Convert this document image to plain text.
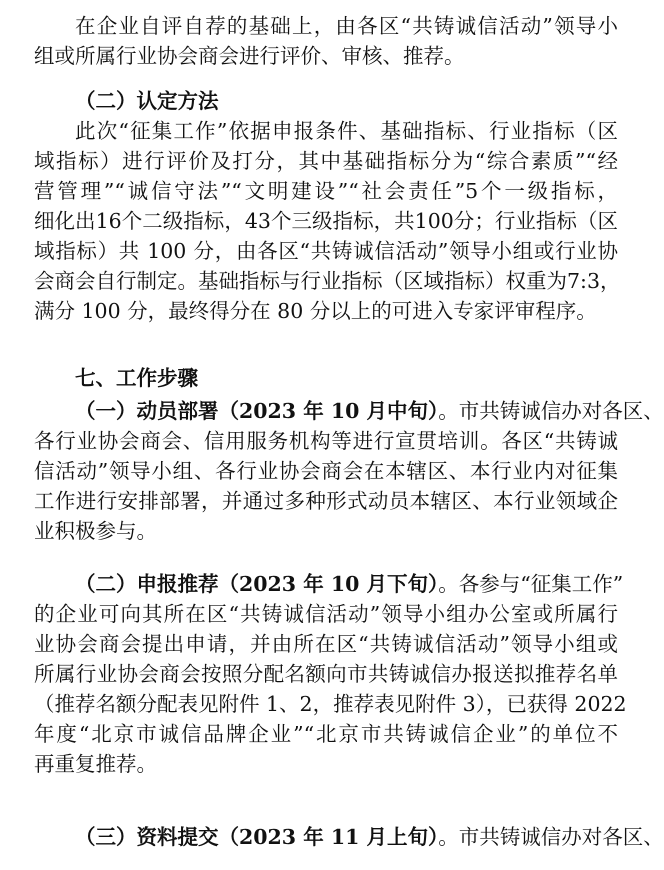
在企业自评自荐的基础上，由各区“共铸诚信活动”领导小
组或所属行业协会商会进行评价、审核、推荐。
（二）认定方法
此次“征集工作”依据申报条件、基础指标、行业指标（区
域指标）进行评价及打分，其中基础指标分为“综合素质”“经
营管理”“诚信守法”“文明建设”“社会责任”5个一级指标，
细化出16个二级指标，43个三级指标，共100分；行业指标（区
域指标）共 100 分，由各区“共铸诚信活动”领导小组或行业协
会商会自行制定。基础指标与行业指标（区域指标）权重为7:3，
满分 100 分，最终得分在 80 分以上的可进入专家评审程序。
七、工作步骤
（一）动员部署（2023 年 10 月中旬）。市共铸诚信办对各区、
各行业协会商会、信用服务机构等进行宣贯培训。各区“共铸诚
信活动”领导小组、各行业协会商会在本辖区、本行业内对征集
工作进行安排部署，并通过多种形式动员本辖区、本行业领域企
业积极参与。
（二）申报推荐（2023 年 10 月下旬）。各参与“征集工作”
的企业可向其所在区“共铸诚信活动”领导小组办公室或所属行
业协会商会提出申请，并由所在区“共铸诚信活动”领导小组或
所属行业协会商会按照分配名额向市共铸诚信办报送拟推荐名单
（推荐名额分配表见附件 1、2，推荐表见附件 3），已获得 2022
年度“北京市诚信品牌企业”“北京市共铸诚信企业”的单位不
再重复推荐。
（三）资料提交（2023 年 11 月上旬）。市共铸诚信办对各区、
